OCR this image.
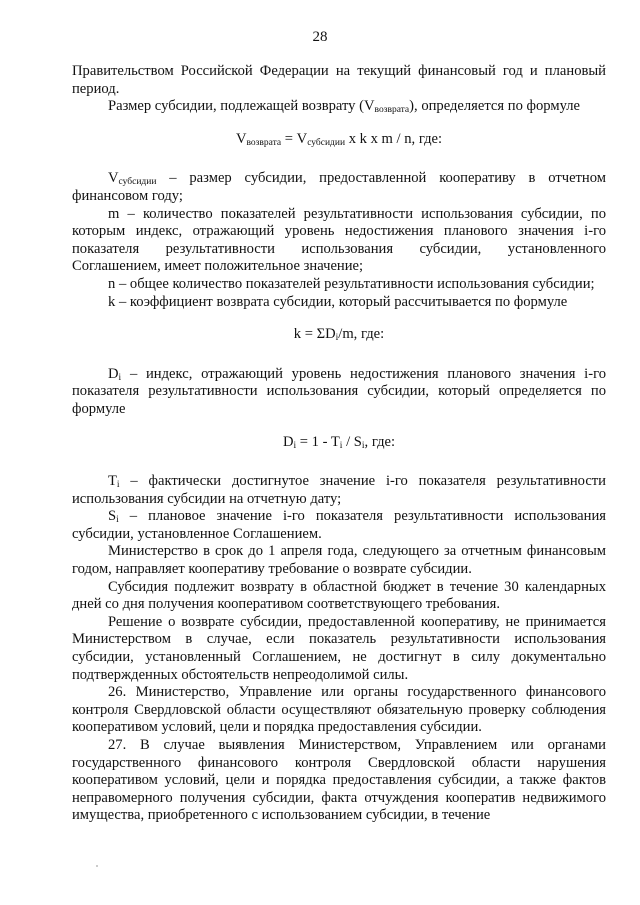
28

Правительством Российской Федерации на текущий финансовый год и плановый период.

Размер субсидии, подлежащей возврату $(V_{возврата})$, определяется по формуле

$V_{возврата} = V_{субсидии}$ x k x m / n, где:

$V_{субсидии}$ – размер субсидии, предоставленной кооперативу в отчетном финансовом году;

m – количество показателей результативности использования субсидии, по которым индекс, отражающий уровень недостижения планового значения i-го показателя результативности использования субсидии, установленного Соглашением, имеет положительное значение;

n – общее количество показателей результативности использования субсидии;

k – коэффициент возврата субсидии, который рассчитывается по формуле

$k = \Sigma D_i/m$, где:

$D_i$ – индекс, отражающий уровень недостижения планового значения i-го показателя результативности использования субсидии, который определяется по формуле

$D_i = 1 - T_i / S_i$, где:

$T_i$ – фактически достигнутое значение i-го показателя результативности использования субсидии на отчетную дату;

$S_i$ – плановое значение i-го показателя результативности использования субсидии, установленное Соглашением.

Министерство в срок до 1 апреля года, следующего за отчетным финансовым годом, направляет кооперативу требование о возврате субсидии.

Субсидия подлежит возврату в областной бюджет в течение 30 календарных дней со дня получения кооперативом соответствующего требования.

Решение о возврате субсидии, предоставленной кооперативу, не принимается Министерством в случае, если показатель результативности использования субсидии, установленный Соглашением, не достигнут в силу документально подтвержденных обстоятельств непреодолимой силы.

26. Министерство, Управление или органы государственного финансового контроля Свердловской области осуществляют обязательную проверку соблюдения кооперативом условий, цели и порядка предоставления субсидии.

27. В случае выявления Министерством, Управлением или органами государственного финансового контроля Свердловской области нарушения кооперативом условий, цели и порядка предоставления субсидии, а также фактов неправомерного получения субсидии, факта отчуждения кооператив недвижимого имущества, приобретенного с использованием субсидии, в течение
